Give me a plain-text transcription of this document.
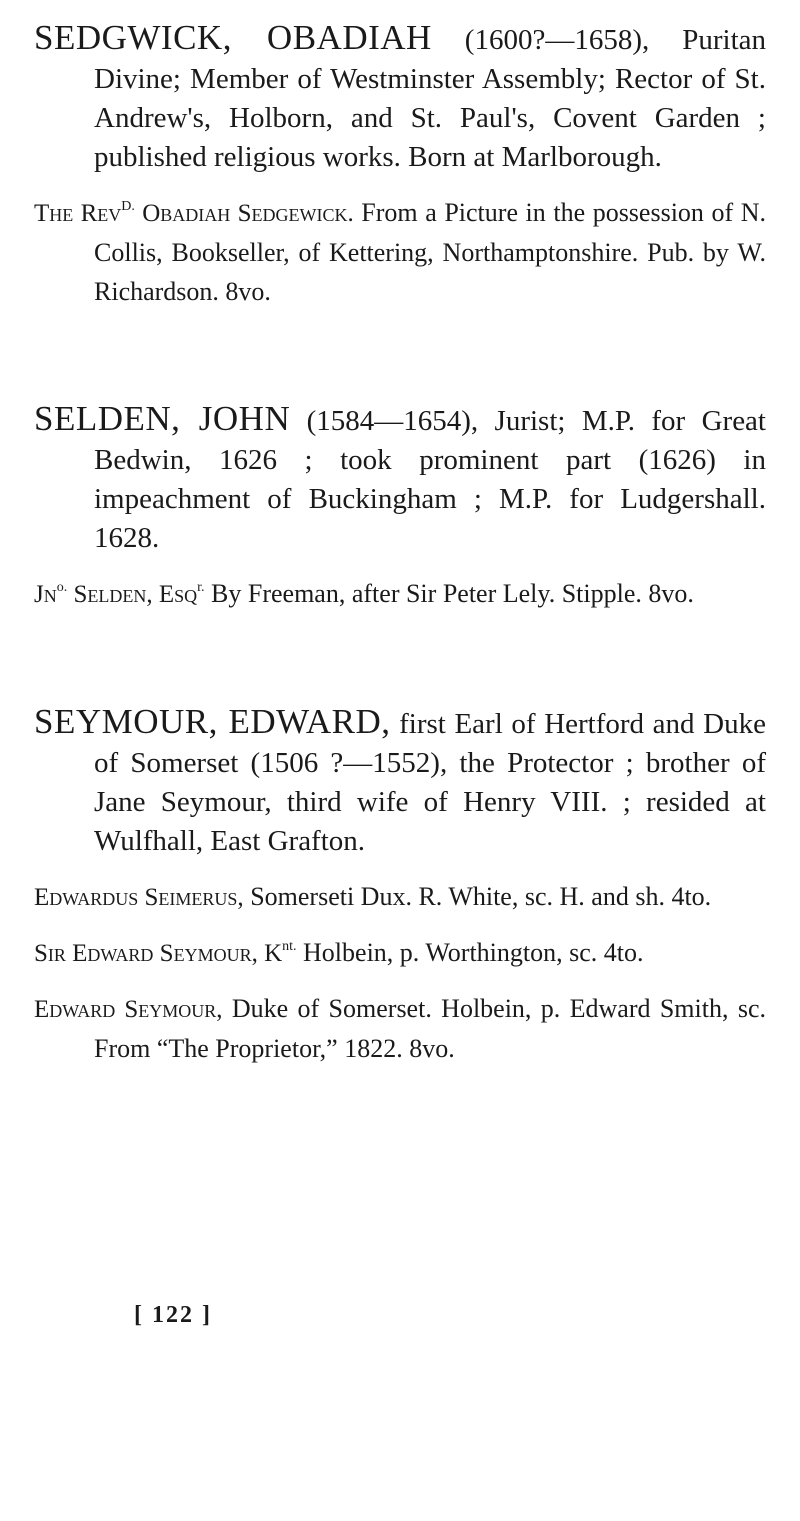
SEDGWICK, OBADIAH (1600?—1658), Puritan Divine; Member of Westminster Assembly; Rector of St. Andrew's, Holborn, and St. Paul's, Covent Garden ; published religious works. Born at Marlborough.

The Rev$^{D.}$ Obadiah Sedgewick. From a Picture in the possession of N. Collis, Bookseller, of Kettering, Northamptonshire. Pub. by W. Richardson. 8vo.

SELDEN, JOHN (1584—1654), Jurist; M.P. for Great Bedwin, 1626 ; took prominent part (1626) in impeachment of Buckingham ; M.P. for Ludgershall. 1628.

$Jn^{o.}$ Selden, Esq$^{r.}$ By Freeman, after Sir Peter Lely. Stipple. 8vo.

SEYMOUR, EDWARD, first Earl of Hertford and Duke of Somerset (1506 ?—1552), the Protector ; brother of Jane Seymour, third wife of Henry VIII. ; resided at Wulfhall, East Grafton.

Edwardus Seimerus, Somerseti Dux. R. White, sc. H. and sh. 4to.

Sir Edward Seymour, $K^{nt.}$ Holbein, p. Worthington, sc. 4to.

Edward Seymour, Duke of Somerset. Holbein, p. Edward Smith, sc. From “The Proprietor,” 1822. 8vo.

[ 122 ]
